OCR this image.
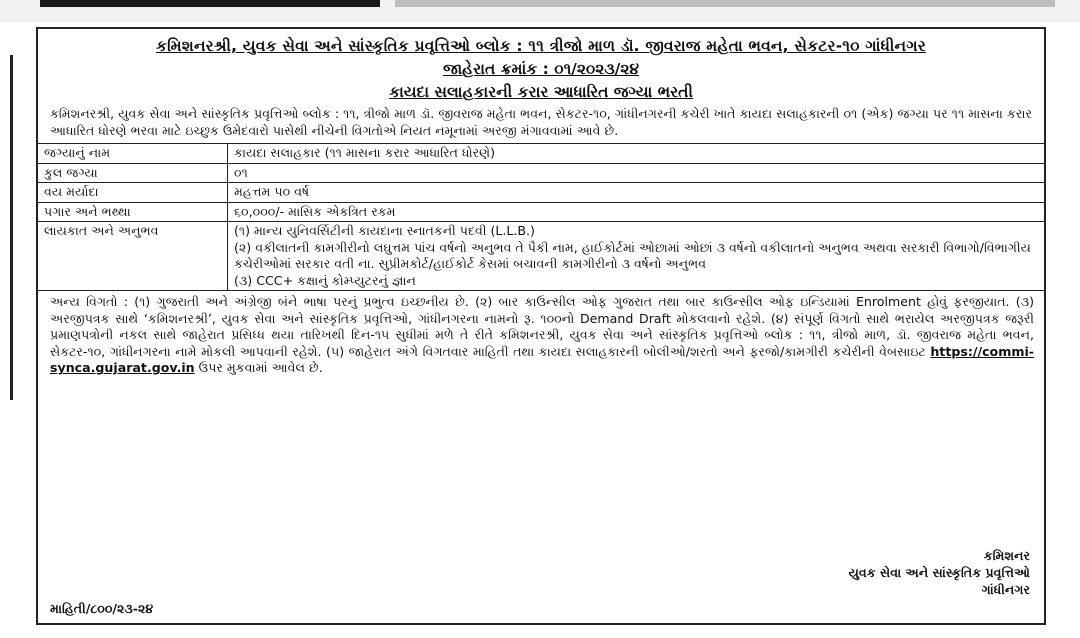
કમિશનરશ્રી, યુવક સેવા અને સાંસ્કૃતિક પ્રવૃત્તિઓ બ્લોક : ૧૧ ત્રીજો માળ ડૉ. જીવરાજ મહેતા ભવન, સેકટર-૧૦ ગાંધીનગર
જાહેરાત ક્રમાંક : ૦૧/૨૦૨૩/૨૪
કાયદા સલાહકારની કરાર આધારિત જગ્યા ભરતી
કમિશનરશ્રી, યુવક સેવા અને સાંસ્કૃતિક પ્રવૃત્તિઓ બ્લોક : ૧૧, ત્રીજો માળ ડૉ. જીવરાજ મહેતા ભવન, સેકટર-૧૦, ગાંધીનગરની કચેરી ખાતે કાયદા સલાહકારની ૦૧ (એક) જગ્યા પર ૧૧ માસના કરાર આધારિત ધોરણે ભરવા માટે ઇચ્છુક ઉમેદવારો પાસેથી નીચેની વિગતોએ નિયત નમૂનામાં અરજી મંગાવવામાં આવે છે.
જગ્યાનું નામ	કાયદા સલાહકાર (૧૧ માસના કરાર આધારિત ધોરણે)
કુલ જગ્યા	૦૧
વય મર્યાદા	મહત્તમ ૫૦ વર્ષ
પગાર અને ભથ્થા	૬૦,૦૦૦/- માસિક એકત્રિત રકમ
લાયકાત અને અનુભવ	(૧) માન્ય યુનિવર્સિટીની કાયદાના સ્નાતકની પદવી (L.L.B.)
(૨) વકીલાતની કામગીરીનો લઘુત્તમ પાંચ વર્ષનો અનુભવ તે પૈકી નામ, હાઈકોર્ટમાં ઓછામાં ઓછાં ૩ વર્ષનો વકીલાતનો અનુભવ અથવા સરકારી વિભાગો/વિભાગીય કચેરીઓમાં સરકાર વતી ના. સુપ્રીમકોર્ટ/હાઈકોર્ટ કેસમાં બચાવની કામગીરીનો ૩ વર્ષનો અનુભવ
(૩) CCC+ કક્ષાનું કોમ્પ્યુટરનું જ્ઞાન
અન્ય વિગતો : (૧) ગુજરાતી અને અંગ્રેજી બંને ભાષા પરનું પ્રભુત્વ ઇચ્છનીય છે. (૨) બાર કાઉન્સીલ ઓફ ગુજરાત તથા બાર કાઉન્સીલ ઓફ ઇન્ડિયામાં Enrolment હોવું ફરજીયાત. (૩) અરજીપત્રક સાથે ‘કમિશનરશ્રી’, યુવક સેવા અને સાંસ્કૃતિક પ્રવૃત્તિઓ, ગાંધીનગરના નામનો રૂ. ૧૦૦નો Demand Draft મોકલવાનો રહેશે. (૪) સંપૂર્ણ વિગતો સાથે ભરાયેલ અરજીપત્રક જરૂરી પ્રમાણપત્રોની નકલ સાથે જાહેરાત પ્રસિધ્ધ થયા તારિખથી દિન-૧૫ સુધીમાં મળે તે રીતે કમિશનરશ્રી, યુવક સેવા અને સાંસ્કૃતિક પ્રવૃત્તિઓ બ્લોક : ૧૧, ત્રીજો માળ, ડૉ. જીવરાજ મહેતા ભવન, સેકટર-૧૦, ગાંધીનગરના નામે મોકલી આપવાની રહેશે. (૫) જાહેરાત અંગે વિગતવાર માહિતી તથા કાયદા સલાહકારની બોલીઓ/શરતો અને ફરજો/કામગીરી કચેરીની વેબસાઇટ https://commi-synca.gujarat.gov.in ઉપર મુકવામાં આવેલ છે.
કમિશનર
યુવક સેવા અને સાંસ્કૃતિક પ્રવૃત્તિઓ
ગાંધીનગર
માહિતી/૮૦૦/૨૩-૨૪
